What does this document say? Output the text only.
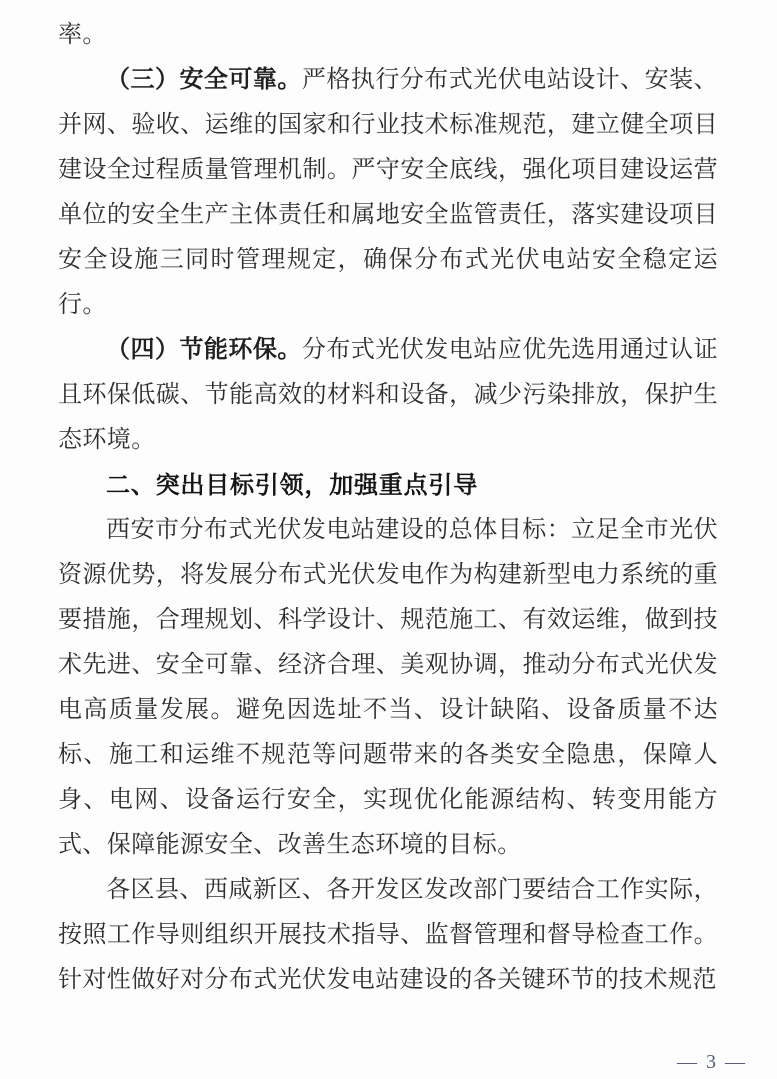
率。

（三）安全可靠。严格执行分布式光伏电站设计、安装、并网、验收、运维的国家和行业技术标准规范，建立健全项目建设全过程质量管理机制。严守安全底线，强化项目建设运营单位的安全生产主体责任和属地安全监管责任，落实建设项目安全设施三同时管理规定，确保分布式光伏电站安全稳定运行。

（四）节能环保。分布式光伏发电站应优先选用通过认证且环保低碳、节能高效的材料和设备，减少污染排放，保护生态环境。

二、突出目标引领，加强重点引导

西安市分布式光伏发电站建设的总体目标：立足全市光伏资源优势，将发展分布式光伏发电作为构建新型电力系统的重要措施，合理规划、科学设计、规范施工、有效运维，做到技术先进、安全可靠、经济合理、美观协调，推动分布式光伏发电高质量发展。避免因选址不当、设计缺陷、设备质量不达标、施工和运维不规范等问题带来的各类安全隐患，保障人身、电网、设备运行安全，实现优化能源结构、转变用能方式、保障能源安全、改善生态环境的目标。

各区县、西咸新区、各开发区发改部门要结合工作实际，按照工作导则组织开展技术指导、监督管理和督导检查工作。针对性做好对分布式光伏发电站建设的各关键环节的技术规范

— 3 —
